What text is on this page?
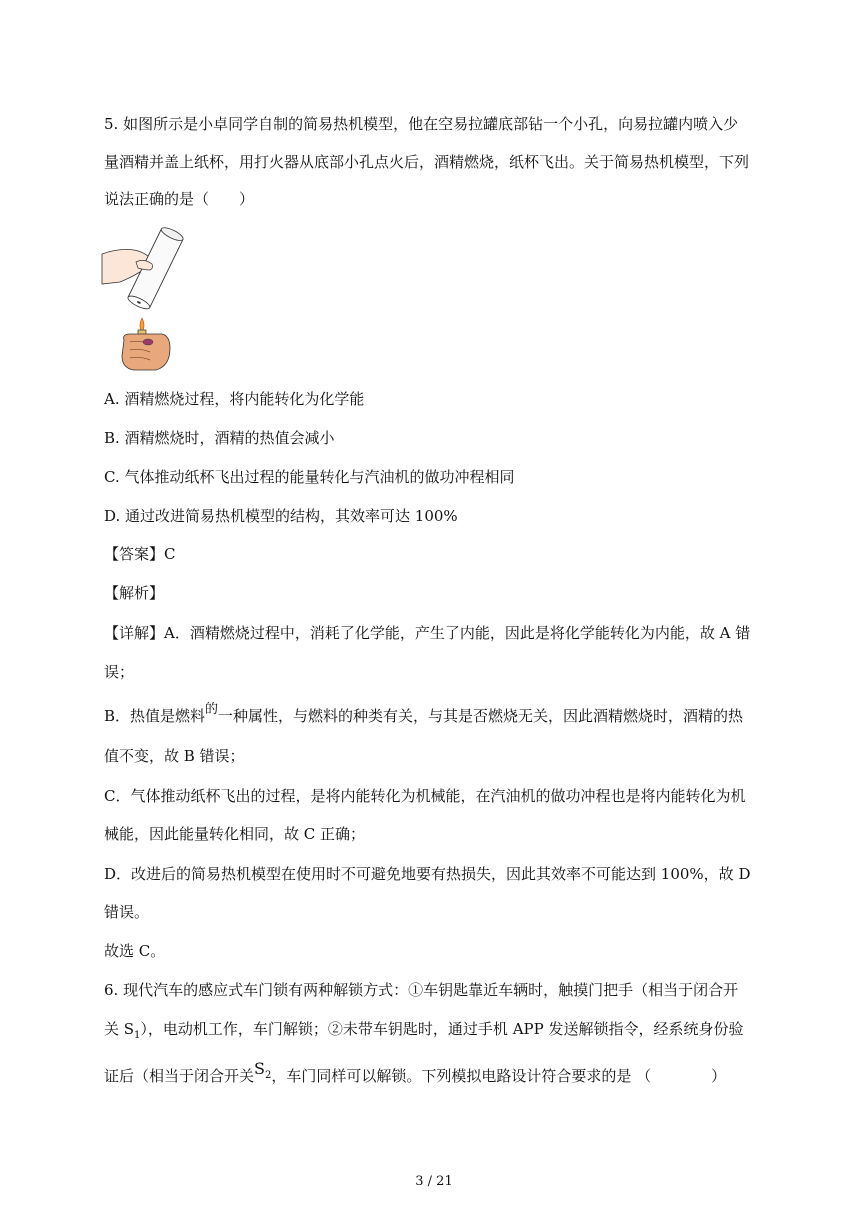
5. 如图所示是小卓同学自制的简易热机模型，他在空易拉罐底部钻一个小孔，向易拉罐内喷入少
量酒精并盖上纸杯，用打火器从底部小孔点火后，酒精燃烧，纸杯飞出。关于简易热机模型，下列
说法正确的是（　　）
A. 酒精燃烧过程，将内能转化为化学能
B. 酒精燃烧时，酒精的热值会减小
C. 气体推动纸杯飞出过程的能量转化与汽油机的做功冲程相同
D. 通过改进简易热机模型的结构，其效率可达 100%
【答案】C
【解析】
【详解】A．酒精燃烧过程中，消耗了化学能，产生了内能，因此是将化学能转化为内能，故 A 错
误；
B．热值是燃料的一种属性，与燃料的种类有关，与其是否燃烧无关，因此酒精燃烧时，酒精的热
值不变，故 B 错误；
C．气体推动纸杯飞出的过程，是将内能转化为机械能，在汽油机的做功冲程也是将内能转化为机
械能，因此能量转化相同，故 C 正确；
D．改进后的简易热机模型在使用时不可避免地要有热损失，因此其效率不可能达到 100%，故 D
错误。
故选 C。
6. 现代汽车的感应式车门锁有两种解锁方式：①车钥匙靠近车辆时，触摸门把手（相当于闭合开
关 $S_1$），电动机工作，车门解锁；②未带车钥匙时，通过手机 APP 发送解锁指令，经系统身份验
证后（相当于闭合开关$S_2$，车门同样可以解锁。下列模拟电路设计符合要求的是 （　　　　）
3 / 21
